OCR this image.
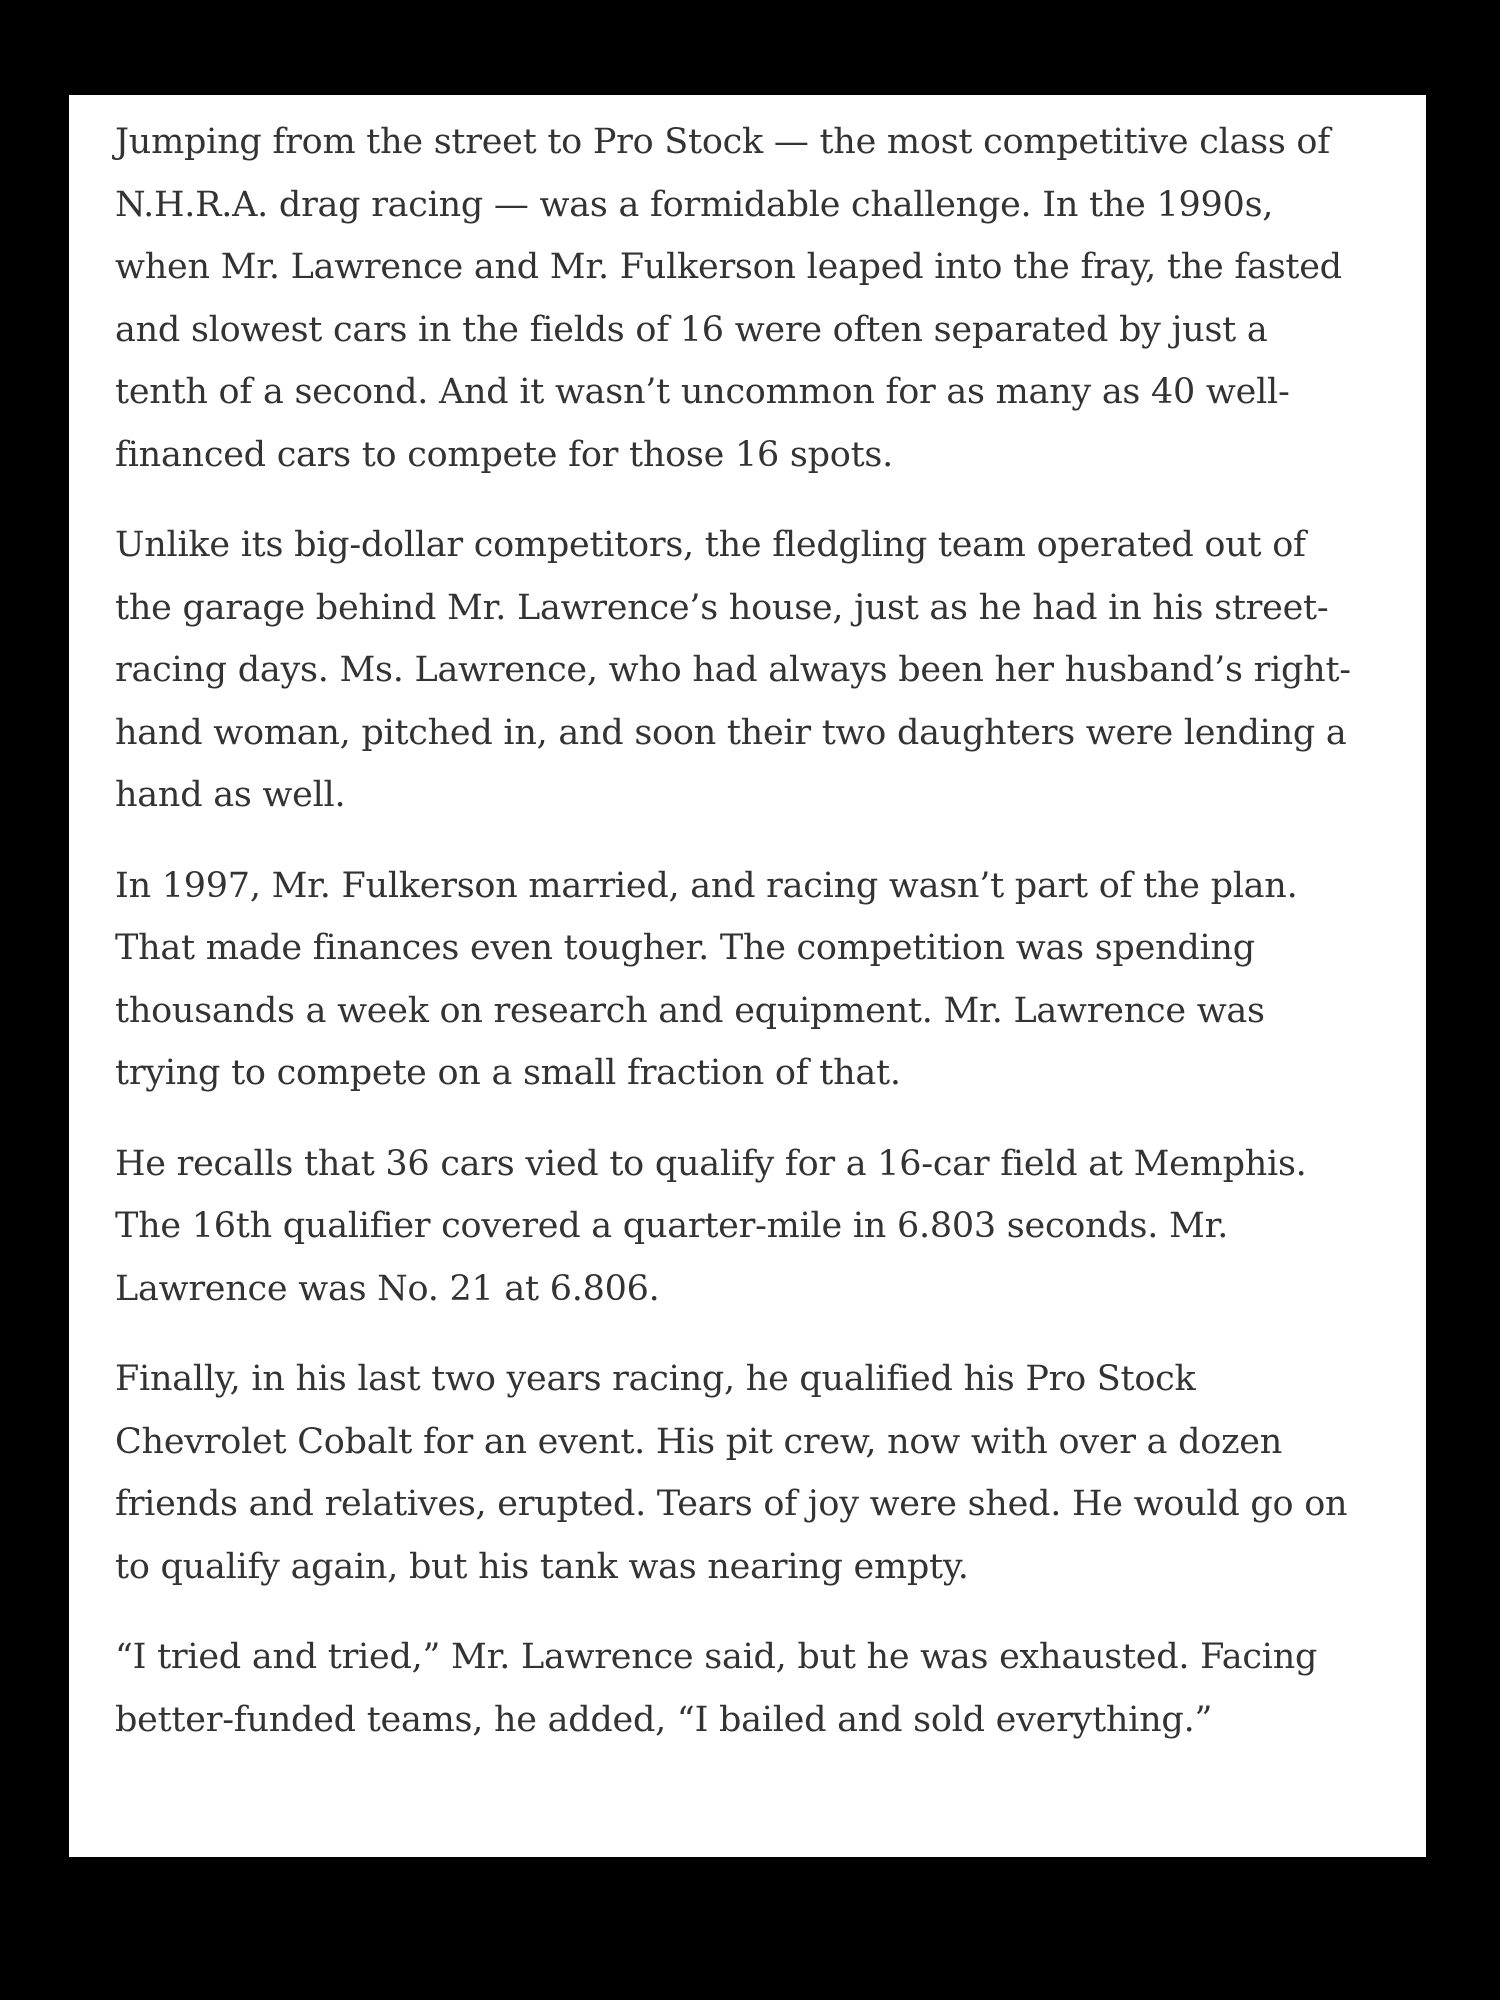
Jumping from the street to Pro Stock — the most competitive class of N.H.R.A. drag racing — was a formidable challenge. In the 1990s, when Mr. Lawrence and Mr. Fulkerson leaped into the fray, the fasted and slowest cars in the fields of 16 were often separated by just a tenth of a second. And it wasn’t uncommon for as many as 40 well-financed cars to compete for those 16 spots.

Unlike its big-dollar competitors, the fledgling team operated out of the garage behind Mr. Lawrence’s house, just as he had in his street-racing days. Ms. Lawrence, who had always been her husband’s right-hand woman, pitched in, and soon their two daughters were lending a hand as well.

In 1997, Mr. Fulkerson married, and racing wasn’t part of the plan. That made finances even tougher. The competition was spending thousands a week on research and equipment. Mr. Lawrence was trying to compete on a small fraction of that.

He recalls that 36 cars vied to qualify for a 16-car field at Memphis. The 16th qualifier covered a quarter-mile in 6.803 seconds. Mr. Lawrence was No. 21 at 6.806.

Finally, in his last two years racing, he qualified his Pro Stock Chevrolet Cobalt for an event. His pit crew, now with over a dozen friends and relatives, erupted. Tears of joy were shed. He would go on to qualify again, but his tank was nearing empty.

“I tried and tried,” Mr. Lawrence said, but he was exhausted. Facing better-funded teams, he added, “I bailed and sold everything.”
